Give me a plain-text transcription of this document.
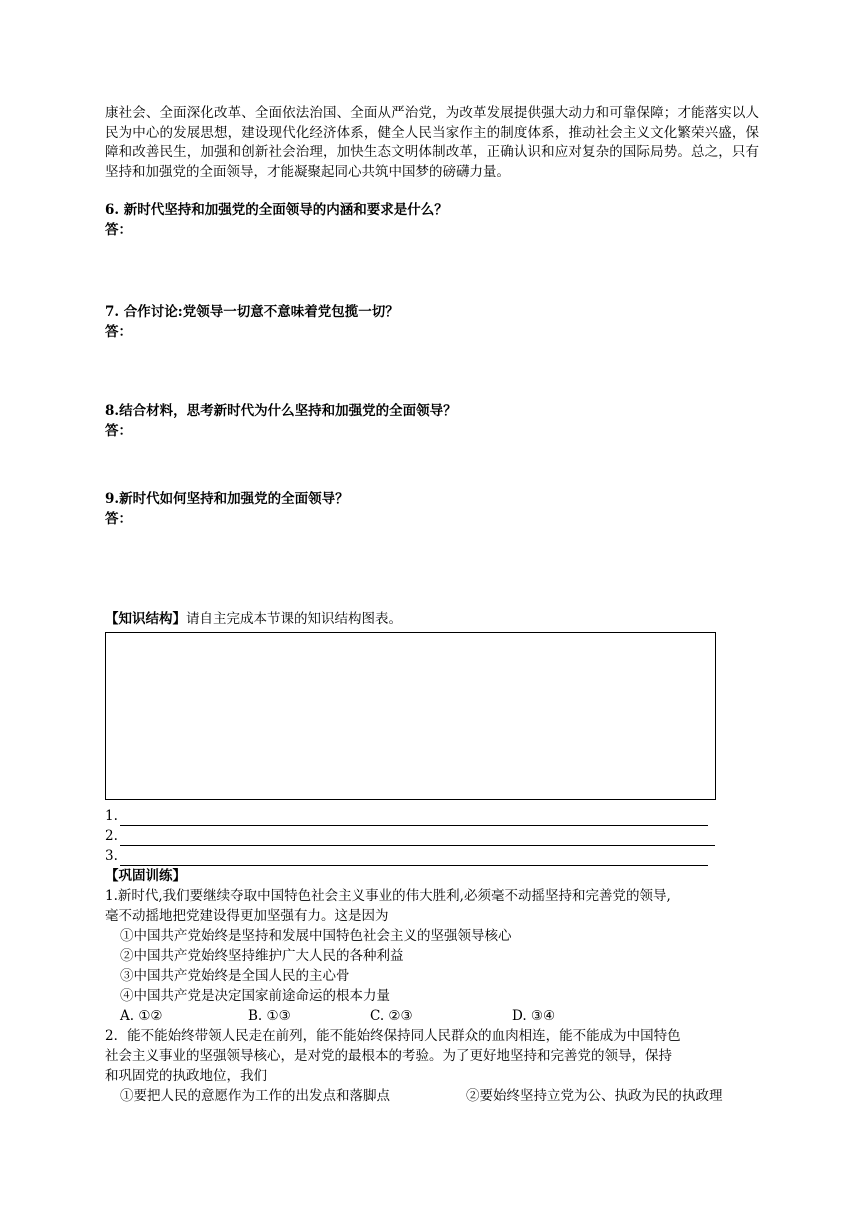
康社会、全面深化改革、全面依法治国、全面从严治党，为改革发展提供强大动力和可靠保障；才能落实以人民为中心的发展思想，建设现代化经济体系，健全人民当家作主的制度体系，推动社会主义文化繁荣兴盛，保障和改善民生，加强和创新社会治理，加快生态文明体制改革，正确认识和应对复杂的国际局势。总之，只有坚持和加强党的全面领导，才能凝聚起同心共筑中国梦的磅礴力量。

6. 新时代坚持和加强党的全面领导的内涵和要求是什么？
答：
7. 合作讨论:党领导一切意不意味着党包揽一切？
答：
8.结合材料，思考新时代为什么坚持和加强党的全面领导？
答：
9.新时代如何坚持和加强党的全面领导？
答：
【知识结构】请自主完成本节课的知识结构图表。
1.
2.
3.
【巩固训练】
1.新时代,我们要继续夺取中国特色社会主义事业的伟大胜利,必须毫不动摇坚持和完善党的领导,
毫不动摇地把党建设得更加坚强有力。这是因为
①中国共产党始终是坚持和发展中国特色社会主义的坚强领导核心
②中国共产党始终坚持维护广大人民的各种利益
③中国共产党始终是全国人民的主心骨
④中国共产党是决定国家前途命运的根本力量
A. ①②	B. ①③	C. ②③	D. ③④
2．能不能始终带领人民走在前列，能不能始终保持同人民群众的血肉相连，能不能成为中国特色
社会主义事业的坚强领导核心，是对党的最根本的考验。为了更好地坚持和完善党的领导，保持
和巩固党的执政地位，我们
①要把人民的意愿作为工作的出发点和落脚点	②要始终坚持立党为公、执政为民的执政理
